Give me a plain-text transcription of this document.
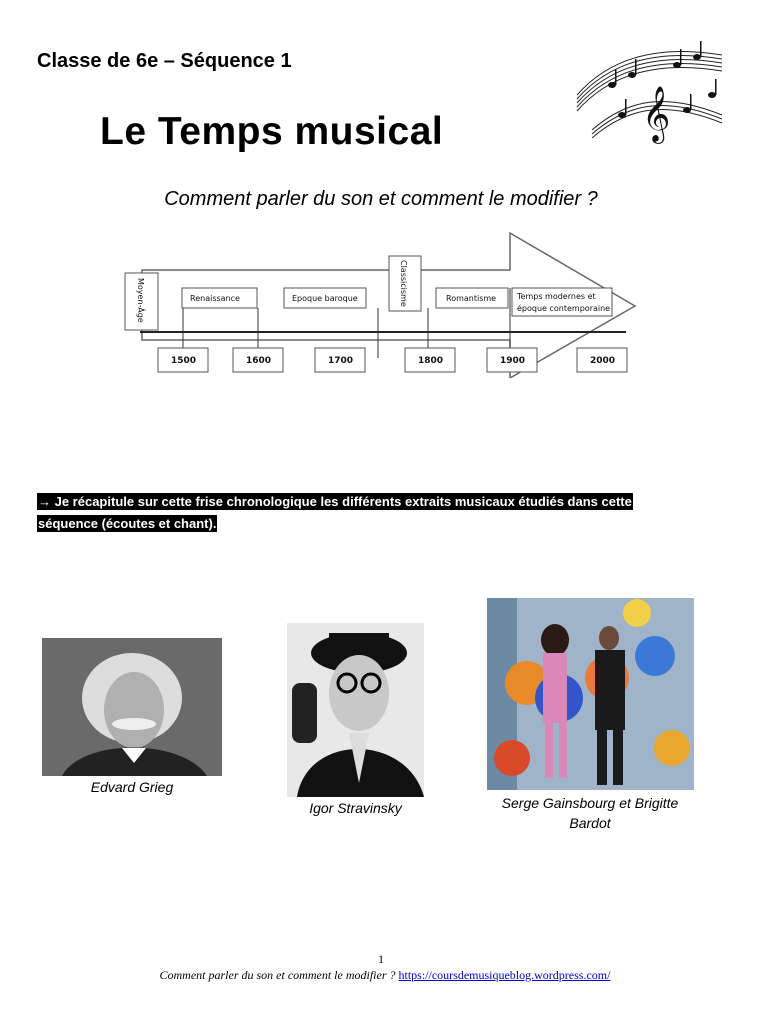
Classe de 6e – Séquence 1
Le Temps musical
Comment parler du son et comment le modifier ?
𝄞
Moyen-Âge	Renaissance	Epoque baroque	Classicisme	Romantisme	Temps modernes et
époque contemporaine
1500	1600	1700	1800	1900	2000
→ Je récapitule sur cette frise chronologique les différents extraits musicaux étudiés dans cette
séquence (écoutes et chant).
Edvard Grieg
Igor Stravinsky	Serge Gainsbourg et Brigitte
Bardot
1
Comment parler du son et comment le modifier ? https://coursdemusiqueblog.wordpress.com/
